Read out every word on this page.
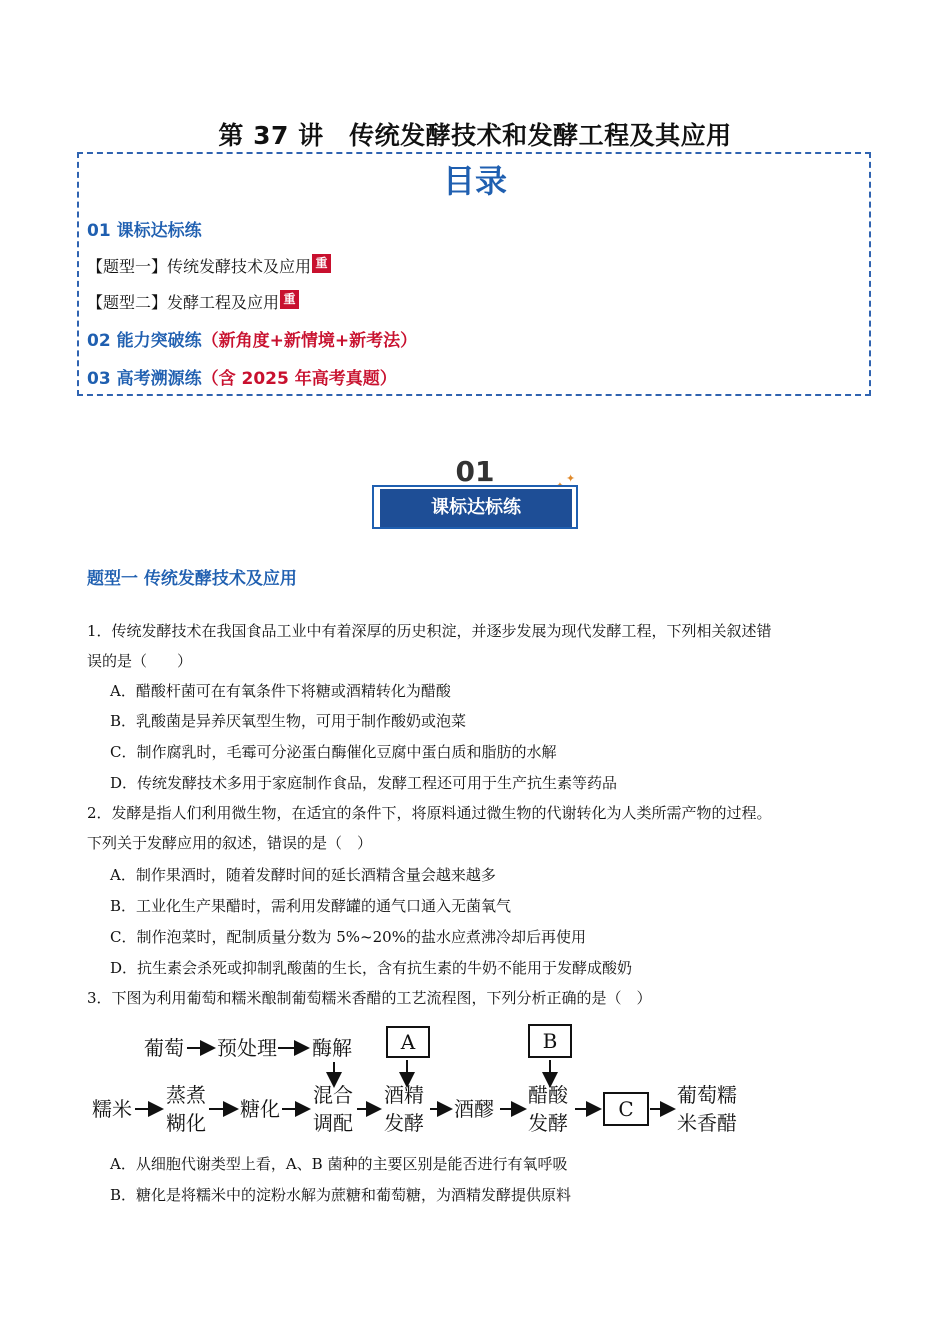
第 37 讲　传统发酵技术和发酵工程及其应用
目录
01 课标达标练
【题型一】传统发酵技术及应用 重
【题型二】发酵工程及应用 重
02 能力突破练（新角度+新情境+新考法）
03 高考溯源练（含 2025 年高考真题）
01	✦
✦
课标达标练
题型一 传统发酵技术及应用
1．传统发酵技术在我国食品工业中有着深厚的历史积淀，并逐步发展为现代发酵工程，下列相关叙述错
误的是（　　）
A．醋酸杆菌可在有氧条件下将糖或酒精转化为醋酸
B．乳酸菌是异养厌氧型生物，可用于制作酸奶或泡菜
C．制作腐乳时，毛霉可分泌蛋白酶催化豆腐中蛋白质和脂肪的水解
D．传统发酵技术多用于家庭制作食品，发酵工程还可用于生产抗生素等药品
2．发酵是指人们利用微生物，在适宜的条件下，将原料通过微生物的代谢转化为人类所需产物的过程。
下列关于发酵应用的叙述，错误的是（　）
A．制作果酒时，随着发酵时间的延长酒精含量会越来越多
B．工业化生产果醋时，需利用发酵罐的通气口通入无菌氧气
C．制作泡菜时，配制质量分数为 5%~20%的盐水应煮沸冷却后再使用
D．抗生素会杀死或抑制乳酸菌的生长，含有抗生素的牛奶不能用于发酵成酸奶
3．下图为利用葡萄和糯米酿制葡萄糯米香醋的工艺流程图，下列分析正确的是（　）
葡萄 预处理 酶解	A	B
糯米
蒸煮
糊化
糖化
混合
调配
酒精
发酵
酒醪
醋酸
发酵
C
葡萄糯
米香醋
A．从细胞代谢类型上看，A、B 菌种的主要区别是能否进行有氧呼吸
B．糖化是将糯米中的淀粉水解为蔗糖和葡萄糖，为酒精发酵提供原料
